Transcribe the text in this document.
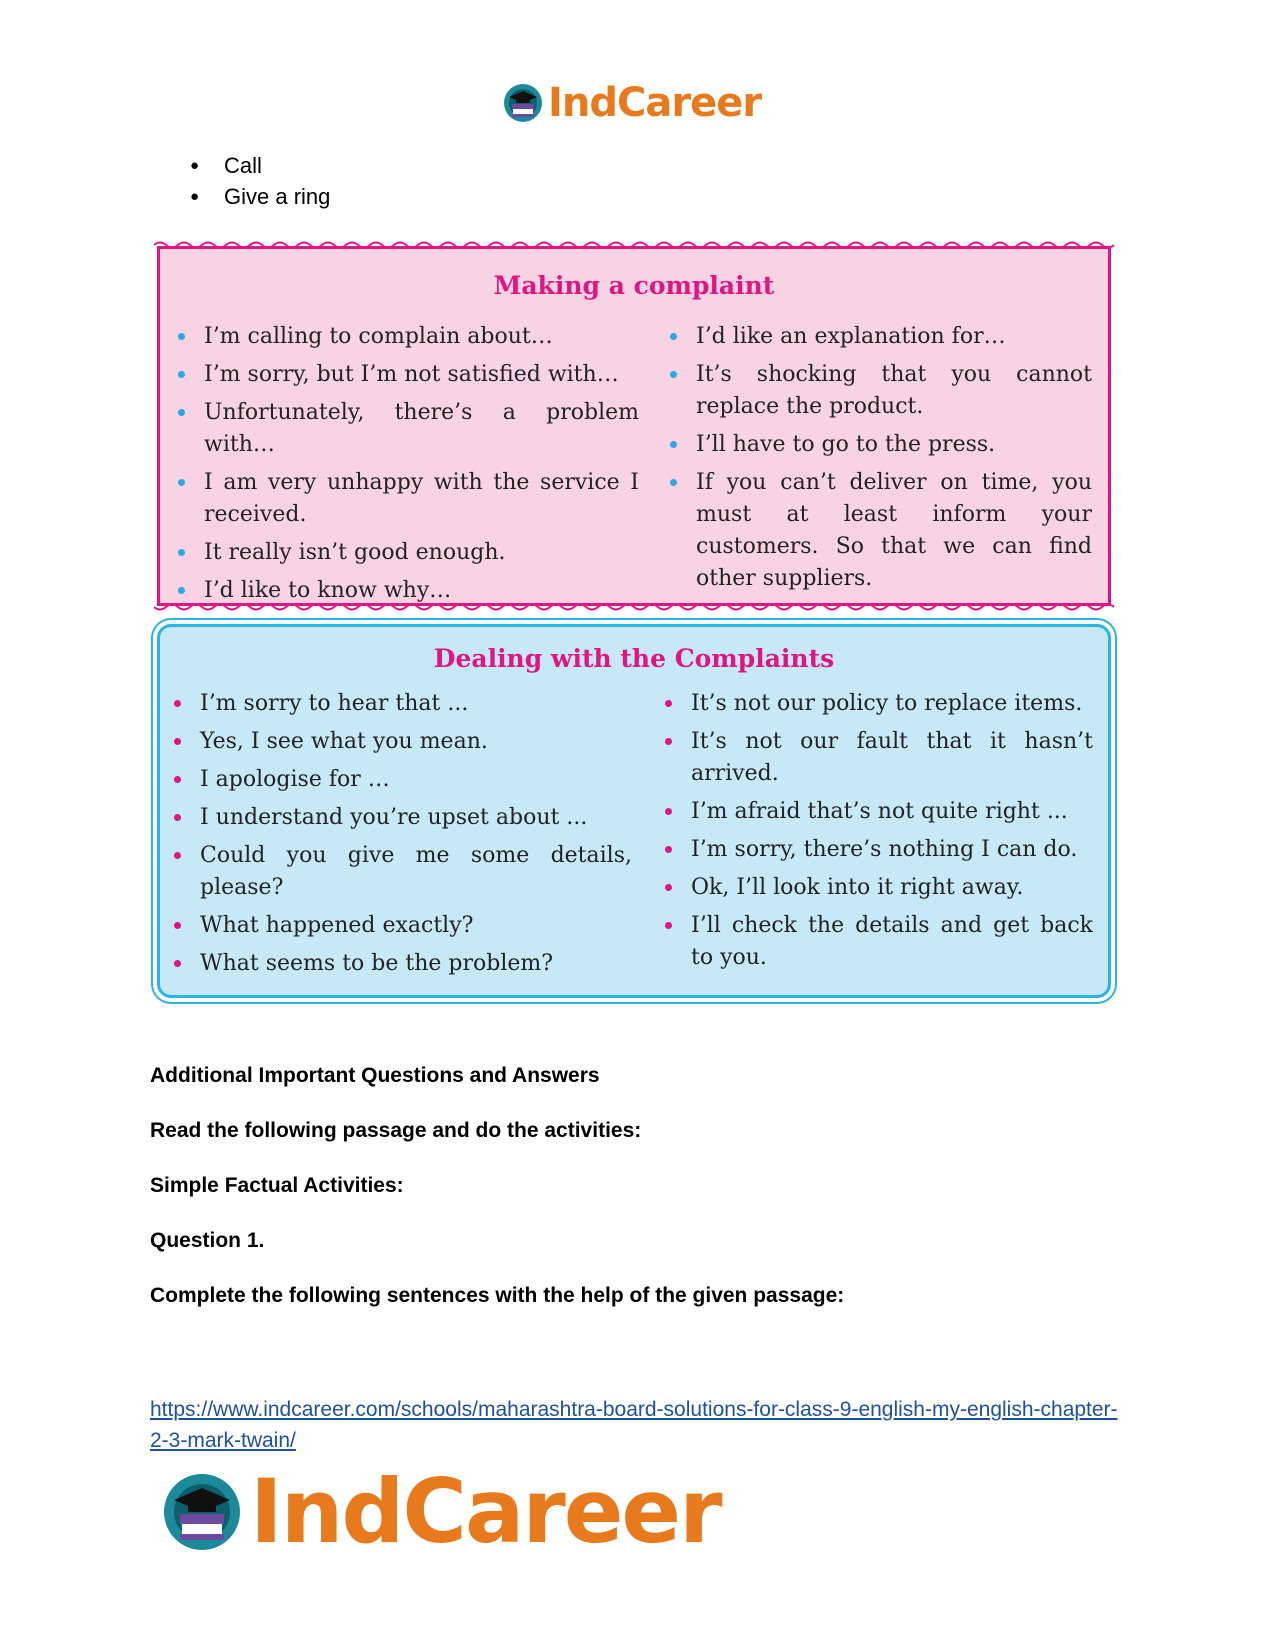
IndCareer
● Call
● Give a ring
Making a complaint
I’m calling to complain about…
I’m sorry, but I’m not satisfied with…
Unfortunately, there’s a problem with…
I am very unhappy with the service I received.
It really isn’t good enough.
I’d like to know why…
I’d like an explanation for…
It’s shocking that you cannot replace the product.
I’ll have to go to the press.
If you can’t deliver on time, you must at least inform your customers. So that we can find other suppliers.
Dealing with the Complaints
I’m sorry to hear that ...
Yes, I see what you mean.
I apologise for …
I understand you’re upset about ...
Could you give me some details, please?
What happened exactly?
What seems to be the problem?
It’s not our policy to replace items.
It’s not our fault that it hasn’t arrived.
I’m afraid that’s not quite right ...
I’m sorry, there’s nothing I can do.
Ok, I’ll look into it right away.
I’ll check the details and get back to you.
Additional Important Questions and Answers
Read the following passage and do the activities:
Simple Factual Activities:
Question 1.
Complete the following sentences with the help of the given passage:
https://www.indcareer.com/schools/maharashtra-board-solutions-for-class-9-english-my-english-chapter-2-3-mark-twain/
IndCareer
